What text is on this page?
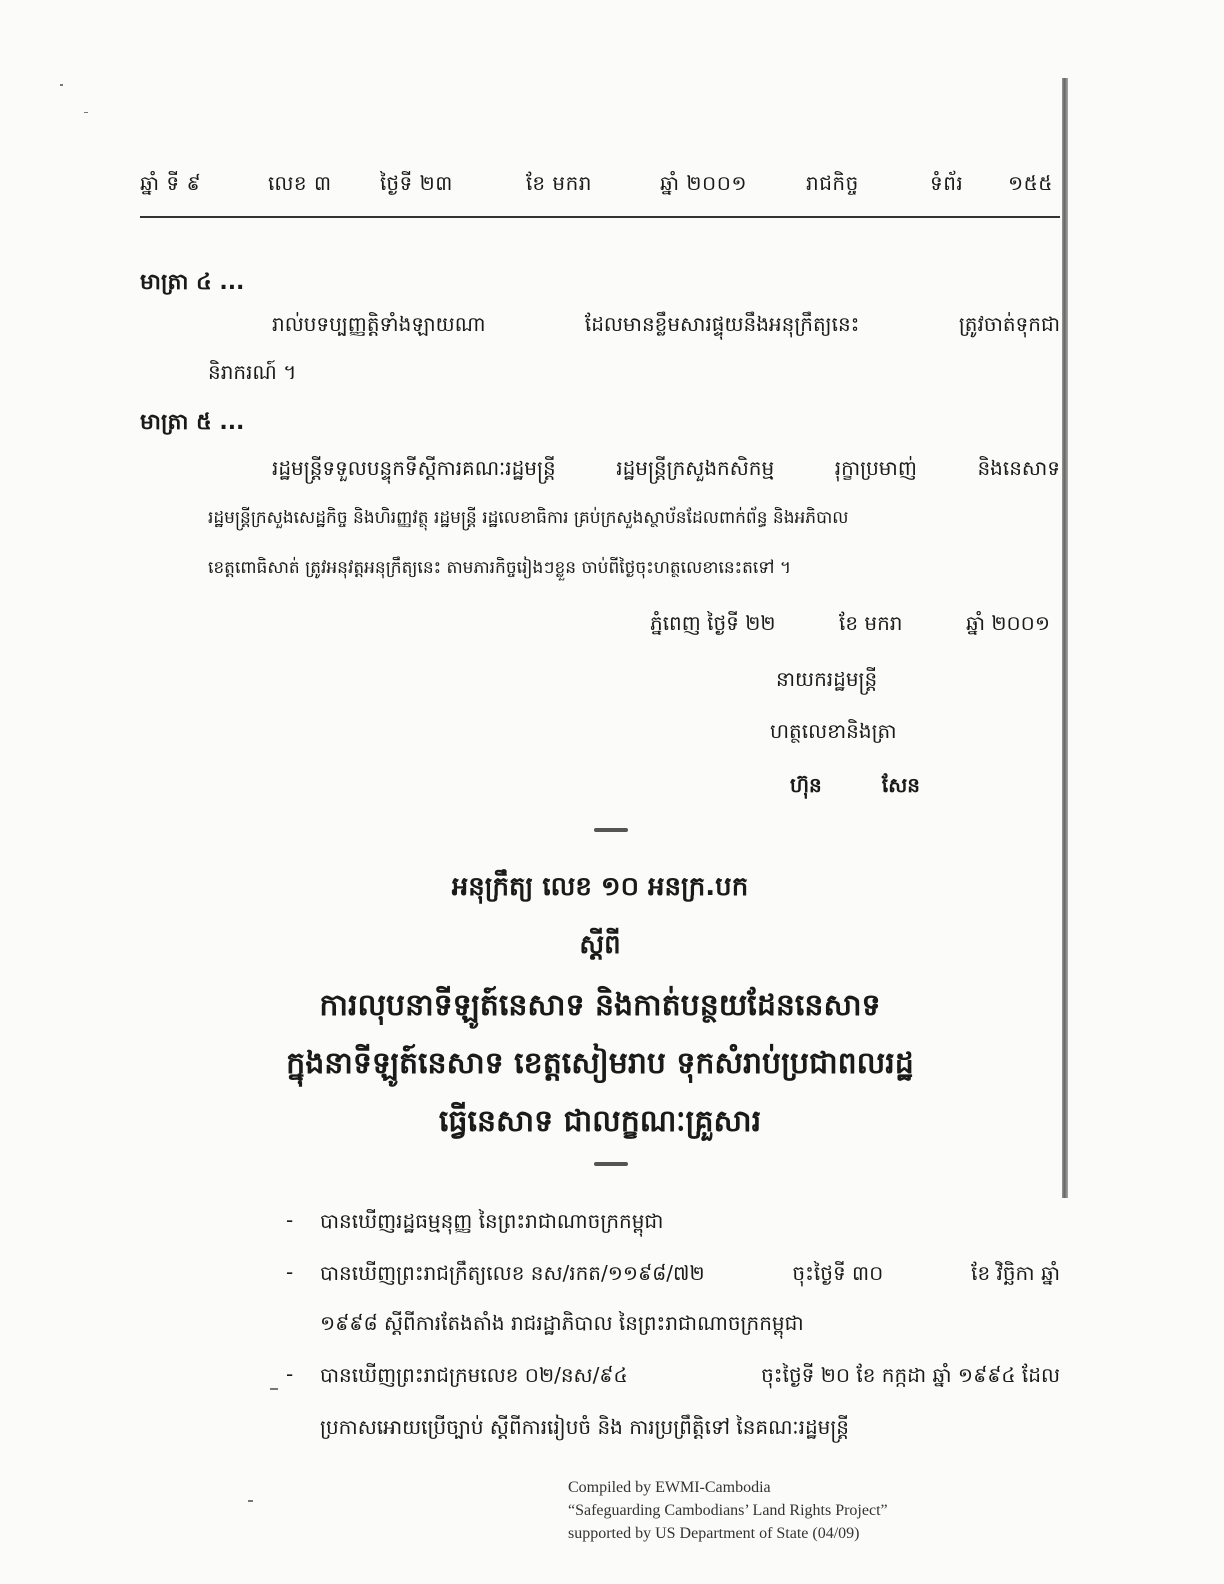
ឆ្នាំ ទី ៩	លេខ ៣ ថ្ងៃទី ២៣	ខែ មករា	ឆ្នាំ ២០០១	រាជកិច្ច	ទំព័រ ១៥៥
មាត្រា ៤ ...
រាល់បទប្បញ្ញត្តិទាំងឡាយណា	ដែលមានខ្លឹមសារផ្ទុយនឹងអនុក្រឹត្យនេះ	ត្រូវចាត់ទុកជា
និរាករណ៍ ។
មាត្រា ៥ ...
រដ្ឋមន្ត្រីទទួលបន្ទុកទីស្តីការគណៈរដ្ឋមន្ត្រី	រដ្ឋមន្ត្រីក្រសួងកសិកម្ម	រុក្ខាប្រមាញ់	និងនេសាទ
រដ្ឋមន្ត្រីក្រសួងសេដ្ឋកិច្ច និងហិរញ្ញវត្ថុ រដ្ឋមន្ត្រី រដ្ឋលេខាធិការ គ្រប់ក្រសួងស្ថាប័នដែលពាក់ព័ន្ធ និងអភិបាល
ខេត្តពោធិសាត់ ត្រូវអនុវត្តអនុក្រឹត្យនេះ តាមភារកិច្ចរៀងៗខ្លួន ចាប់ពីថ្ងៃចុះហត្ថលេខានេះតទៅ ។
ភ្នំពេញ ថ្ងៃទី ២២	ខែ មករា	ឆ្នាំ ២០០១
នាយករដ្ឋមន្ត្រី
ហត្ថលេខានិងត្រា
ហ៊ុន	សែន
អនុក្រឹត្យ លេខ ១០ អនក្រ.បក
ស្តីពី
ការលុបនាទីឡូត៍នេសាទ និងកាត់បន្ថយដែននេសាទ
ក្នុងនាទីឡូត៍នេសាទ ខេត្តសៀមរាប ទុកសំរាប់ប្រជាពលរដ្ឋ
ធ្វើនេសាទ ជាលក្ខណៈគ្រួសារ
- បានឃើញរដ្ឋធម្មនុញ្ញ នៃព្រះរាជាណាចក្រកម្ពុជា
- បានឃើញព្រះរាជក្រឹត្យលេខ នស/រកត/១១៩៨/៧២	ចុះថ្ងៃទី ៣០	ខែ វិច្ឆិកា ឆ្នាំ
១៩៩៨ ស្តីពីការតែងតាំង រាជរដ្ឋាភិបាល នៃព្រះរាជាណាចក្រកម្ពុជា
- បានឃើញព្រះរាជក្រមលេខ ០២/នស/៩៤	ចុះថ្ងៃទី ២០ ខែ កក្កដា ឆ្នាំ ១៩៩៤ ដែល
ប្រកាសអោយប្រើច្បាប់ ស្តីពីការរៀបចំ និង ការប្រព្រឹត្តិទៅ នៃគណៈរដ្ឋមន្ត្រី
Compiled by EWMI-Cambodia
“Safeguarding Cambodians’ Land Rights Project”
supported by US Department of State (04/09)
